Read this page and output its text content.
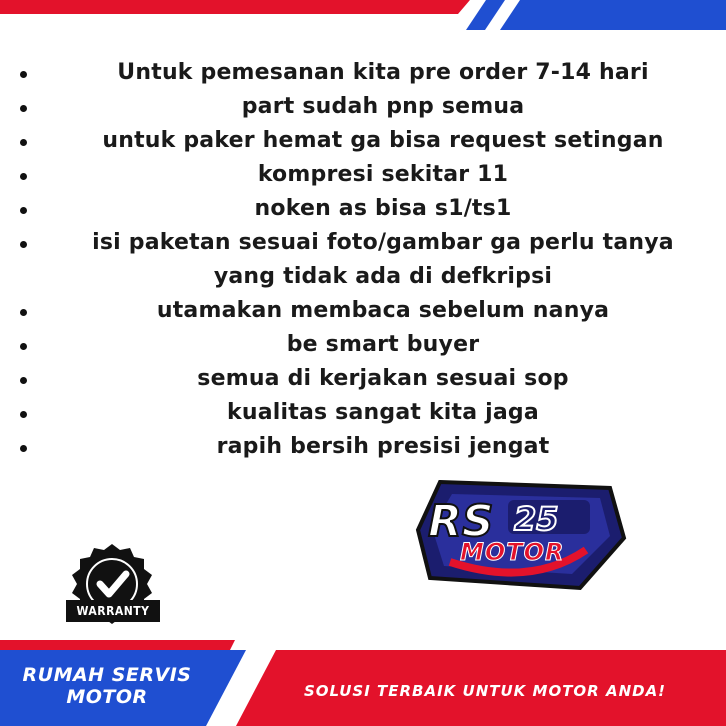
Untuk pemesanan kita pre order 7-14 hari
part sudah pnp semua
untuk paker hemat ga bisa request setingan
kompresi sekitar 11
noken as bisa s1/ts1
isi paketan sesuai foto/gambar ga perlu tanya
yang tidak ada di defkripsi
utamakan membaca sebelum nanya
be smart buyer
semua di kerjakan sesuai sop
kualitas sangat kita jaga
rapih bersih presisi jengat
RS 25
MOTOR
WARRANTY
RUMAH SERVIS
MOTOR	SOLUSI TERBAIK UNTUK MOTOR ANDA!
